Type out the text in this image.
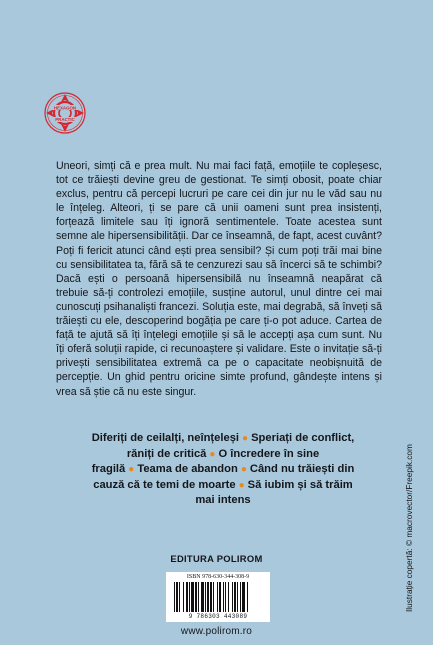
HEXAGON
PRACTIC

Uneori, simți că e prea mult. Nu mai faci față, emoțiile te copleșesc, tot ce trăiești devine greu de gestionat. Te simți obosit, poate chiar exclus, pentru că percepi lucruri pe care cei din jur nu le văd sau nu le înțeleg. Alteori, ți se pare că unii oameni sunt prea insistenți, forțează limitele sau îți ignoră sentimentele. Toate acestea sunt semne ale hipersensibilității. Dar ce înseamnă, de fapt, acest cuvânt? Poți fi fericit atunci când ești prea sensibil? Și cum poți trăi mai bine cu sensibilitatea ta, fără să te cenzurezi sau să încerci să te schimbi? Dacă ești o persoană hipersensibilă nu înseamnă neapărat că trebuie să-ți controlezi emoțiile, susține autorul, unul dintre cei mai cunoscuți psihanaliști francezi. Soluția este, mai degrabă, să înveți să trăiești cu ele, descoperind bogăția pe care ți-o pot aduce. Cartea de față te ajută să îți înțelegi emoțiile și să le accepți așa cum sunt. Nu îți oferă soluții rapide, ci recunoaștere și validare. Este o invitație să-ți privești sensibilitatea extremă ca pe o capacitate neobișnuită de percepție. Un ghid pentru oricine simte profund, gândește intens și vrea să știe că nu este singur.

Diferiți de ceilalți, neînțeleși ● Speriați de conflict, răniți de critică ● O încredere în sine fragilă ● Teama de abandon ● Când nu trăiești din cauză că te temi de moarte ● Să iubim și să trăim mai intens	Ilustrație copertă: © macrovector/Freepik.com
EDITURA POLIROM
ISBN 978-630-344-308-9
9 786303 443089
www.polirom.ro
